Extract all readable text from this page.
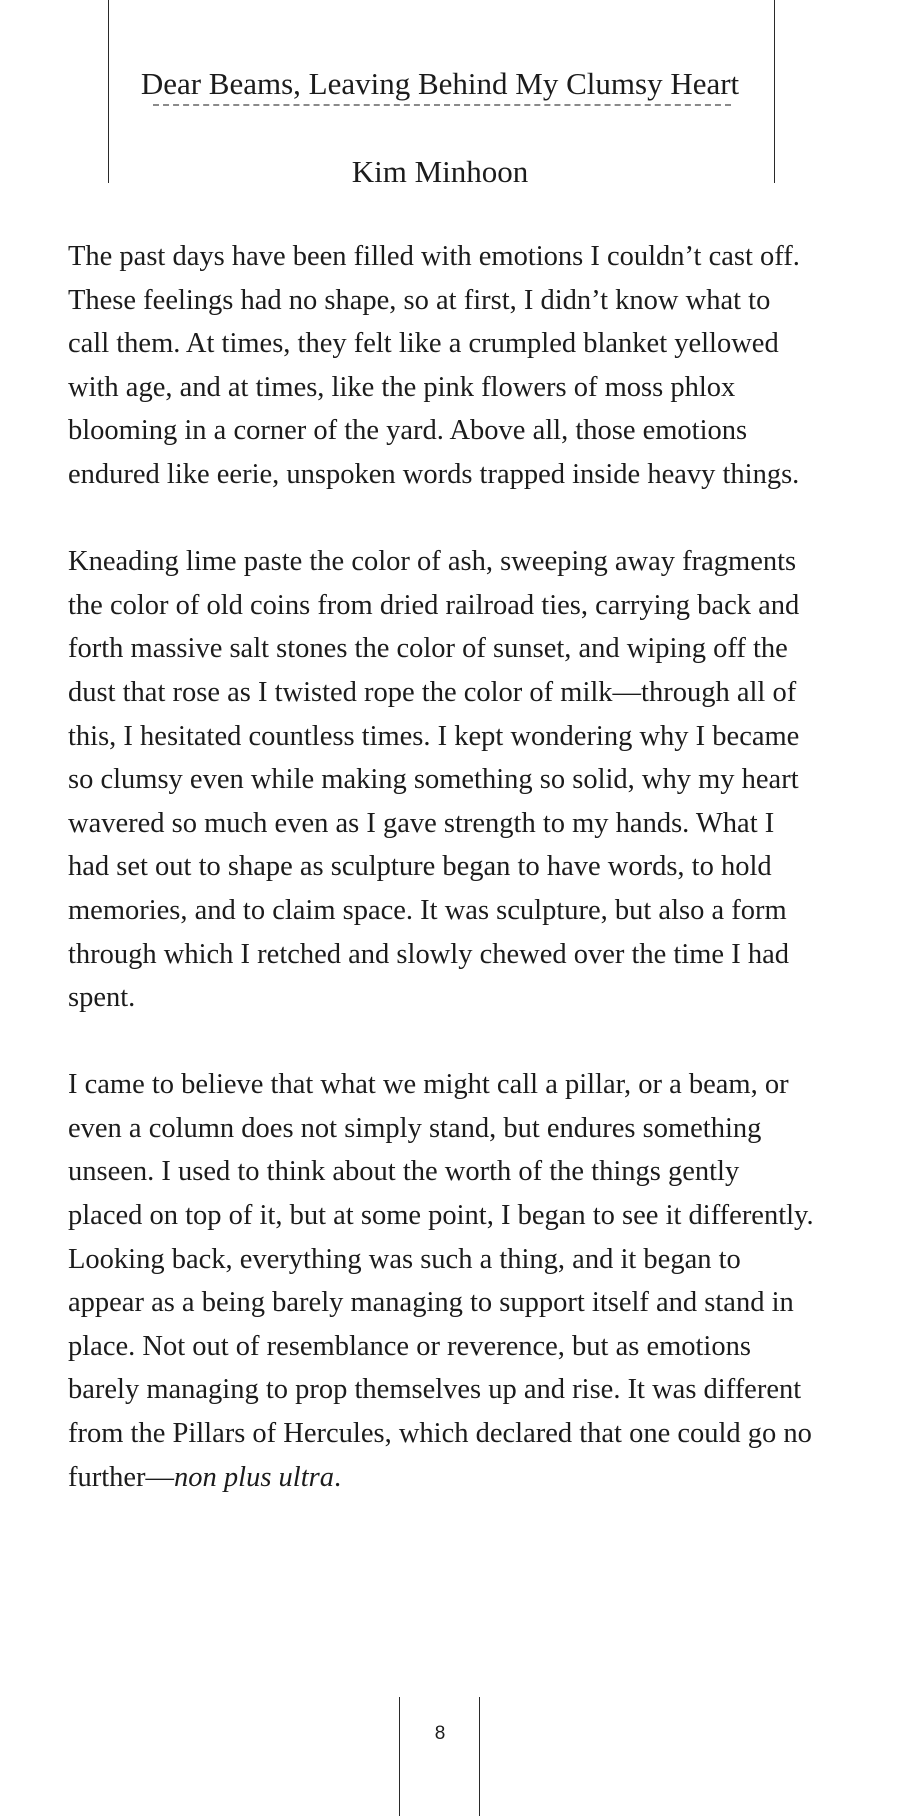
Dear Beams, Leaving Behind My Clumsy Heart
Kim Minhoon

The past days have been filled with emotions I couldn’t cast off. These feelings had no shape, so at first, I didn’t know what to call them. At times, they felt like a crumpled blanket yellowed with age, and at times, like the pink flowers of moss phlox blooming in a corner of the yard. Above all, those emotions endured like eerie, unspoken words trapped inside heavy things.

Kneading lime paste the color of ash, sweeping away fragments the color of old coins from dried railroad ties, carrying back and forth massive salt stones the color of sunset, and wiping off the dust that rose as I twisted rope the color of milk—through all of this, I hesitated countless times. I kept wondering why I became so clumsy even while making something so solid, why my heart wavered so much even as I gave strength to my hands. What I had set out to shape as sculpture began to have words, to hold memories, and to claim space. It was sculpture, but also a form through which I retched and slowly chewed over the time I had spent.

I came to believe that what we might call a pillar, or a beam, or even a column does not simply stand, but endures something unseen. I used to think about the worth of the things gently placed on top of it, but at some point, I began to see it differently. Looking back, everything was such a thing, and it began to appear as a being barely managing to support itself and stand in place. Not out of resemblance or reverence, but as emotions barely managing to prop themselves up and rise. It was different from the Pillars of Hercules, which declared that one could go no further—non plus ultra.

8
